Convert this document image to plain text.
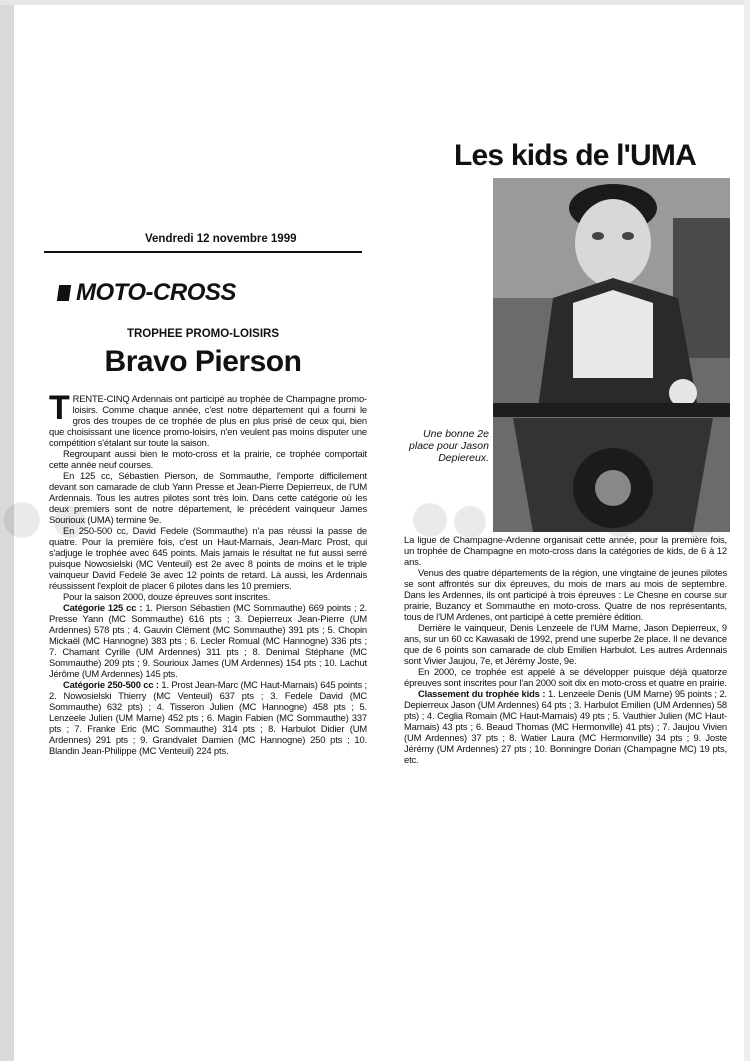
Vendredi 12 novembre 1999
MOTO-CROSS
TROPHEE PROMO-LOISIRS
Bravo Pierson

TRENTE-CINQ Ardennais ont participé au trophée de Champagne promo-loisirs. Comme chaque année, c'est notre département qui a fourni le gros des troupes de ce trophée de plus en plus prisé de ceux qui, bien que choisissant une licence promo-loisirs, n'en veulent pas moins disputer une compétition s'étalant sur toute la saison.

Regroupant aussi bien le moto-cross et la prairie, ce trophée comportait cette année neuf courses.

En 125 cc, Sébastien Pierson, de Sommauthe, l'emporte difficilement devant son camarade de club Yann Presse et Jean-Pierre Depierreux, de l'UM Ardennais. Tous les autres pilotes sont très loin. Dans cette catégorie où les deux premiers sont de notre département, le précédent vainqueur James Souriouх (UMA) termine 9e.

En 250-500 cc, David Fedele (Sommauthe) n'a pas réussi la passe de quatre. Pour la première fois, c'est un Haut-Marnais, Jean-Marc Prost, qui s'adjuge le trophée avec 645 points. Mais jamais le résultat ne fut aussi serré puisque Nowosielski (MC Venteuil) est 2e avec 8 points de moins et le triple vainqueur David Fedelé 3e avec 12 points de retard. Là aussi, les Ardennais réussissent l'exploit de placer 6 pilotes dans les 10 premiers.

Pour la saison 2000, douze épreuves sont inscrites.

Catégorie 125 cc : 1. Pierson Sébastien (MC Sommauthe) 669 points ; 2. Presse Yann (MC Sommauthe) 616 pts ; 3. Depierreux Jean-Pierre (UM Ardennes) 578 pts ; 4. Gauvin Clément (MC Sommauthe) 391 pts ; 5. Chopin Mickaël (MC Hannogne) 383 pts ; 6. Lecler Romual (MC Hannogne) 336 pts ; 7. Chamant Cyrille (UM Ardennes) 311 pts ; 8. Denimal Stéphane (MC Sommauthe) 209 pts ; 9. Sourioux James (UM Ardennes) 154 pts ; 10. Lachut Jérôme (UM Ardennes) 145 pts.

Catégorie 250-500 cc : 1. Prost Jean-Marc (MC Haut-Marnais) 645 points ; 2. Nowosielski Thierry (MC Venteuil) 637 pts ; 3. Fedele David (MC Sommauthe) 632 pts) ; 4. Tisseron Julien (MC Hannogne) 458 pts ; 5. Lenzeele Julien (UM Marne) 452 pts ; 6. Magin Fabien (MC Sommauthe) 337 pts ; 7. Franke Eric (MC Sommauthe) 314 pts ; 8. Harbulot Didier (UM Ardennes) 291 pts ; 9. Grandvalet Damien (MC Hannogne) 250 pts ; 10. Blandin Jean-Philippe (MC Venteuil) 224 pts.

Les kids de l'UMA
Une bonne 2e place pour Jason Depiereux.

La ligue de Champagne-Ardenne organisait cette année, pour la première fois, un trophée de Champagne en moto-cross dans la catégories de kids, de 6 à 12 ans.

Venus des quatre départements de la région, une vingtaine de jeunes pilotes se sont affrontés sur dix épreuves, du mois de mars au mois de septembre. Dans les Ardennes, ils ont participé à trois épreuves : Le Chesne en course sur prairie, Buzancy et Sommauthe en moto-cross. Quatre de nos représentants, tous de l'UM Ardenes, ont participé à cette première édition.

Derrière le vainqueur, Denis Lenzeele de l'UM Marne, Jason Depierreux, 9 ans, sur un 60 cc Kawasaki de 1992, prend une superbe 2e place. Il ne devance que de 6 points son camarade de club Emilien Harbulot. Les autres Ardennais sont Vivier Jaujou, 7e, et Jérémy Joste, 9e.

En 2000, ce trophée est appelé à se développer puisque déjà quatorze épreuves sont inscrites pour l'an 2000 soit dix en moto-cross et quatre en prairie.

Classement du trophée kids : 1. Lenzeele Denis (UM Marne) 95 points ; 2. Depierreux Jason (UM Ardennes) 64 pts ; 3. Harbulot Emilien (UM Ardennes) 58 pts) ; 4. Ceglia Romain (MC Haut-Marnais) 49 pts ; 5. Vauthier Julien (MC Haut-Marnais) 43 pts ; 6. Beaud Thomas (MC Hermonville) 41 pts) ; 7. Jaujou Vivien (UM Ardennes) 37 pts ; 8. Watier Laura (MC Hermonville) 34 pts ; 9. Joste Jérémy (UM Ardennes) 27 pts ; 10. Bonningre Dorian (Champagne MC) 19 pts, etc.
